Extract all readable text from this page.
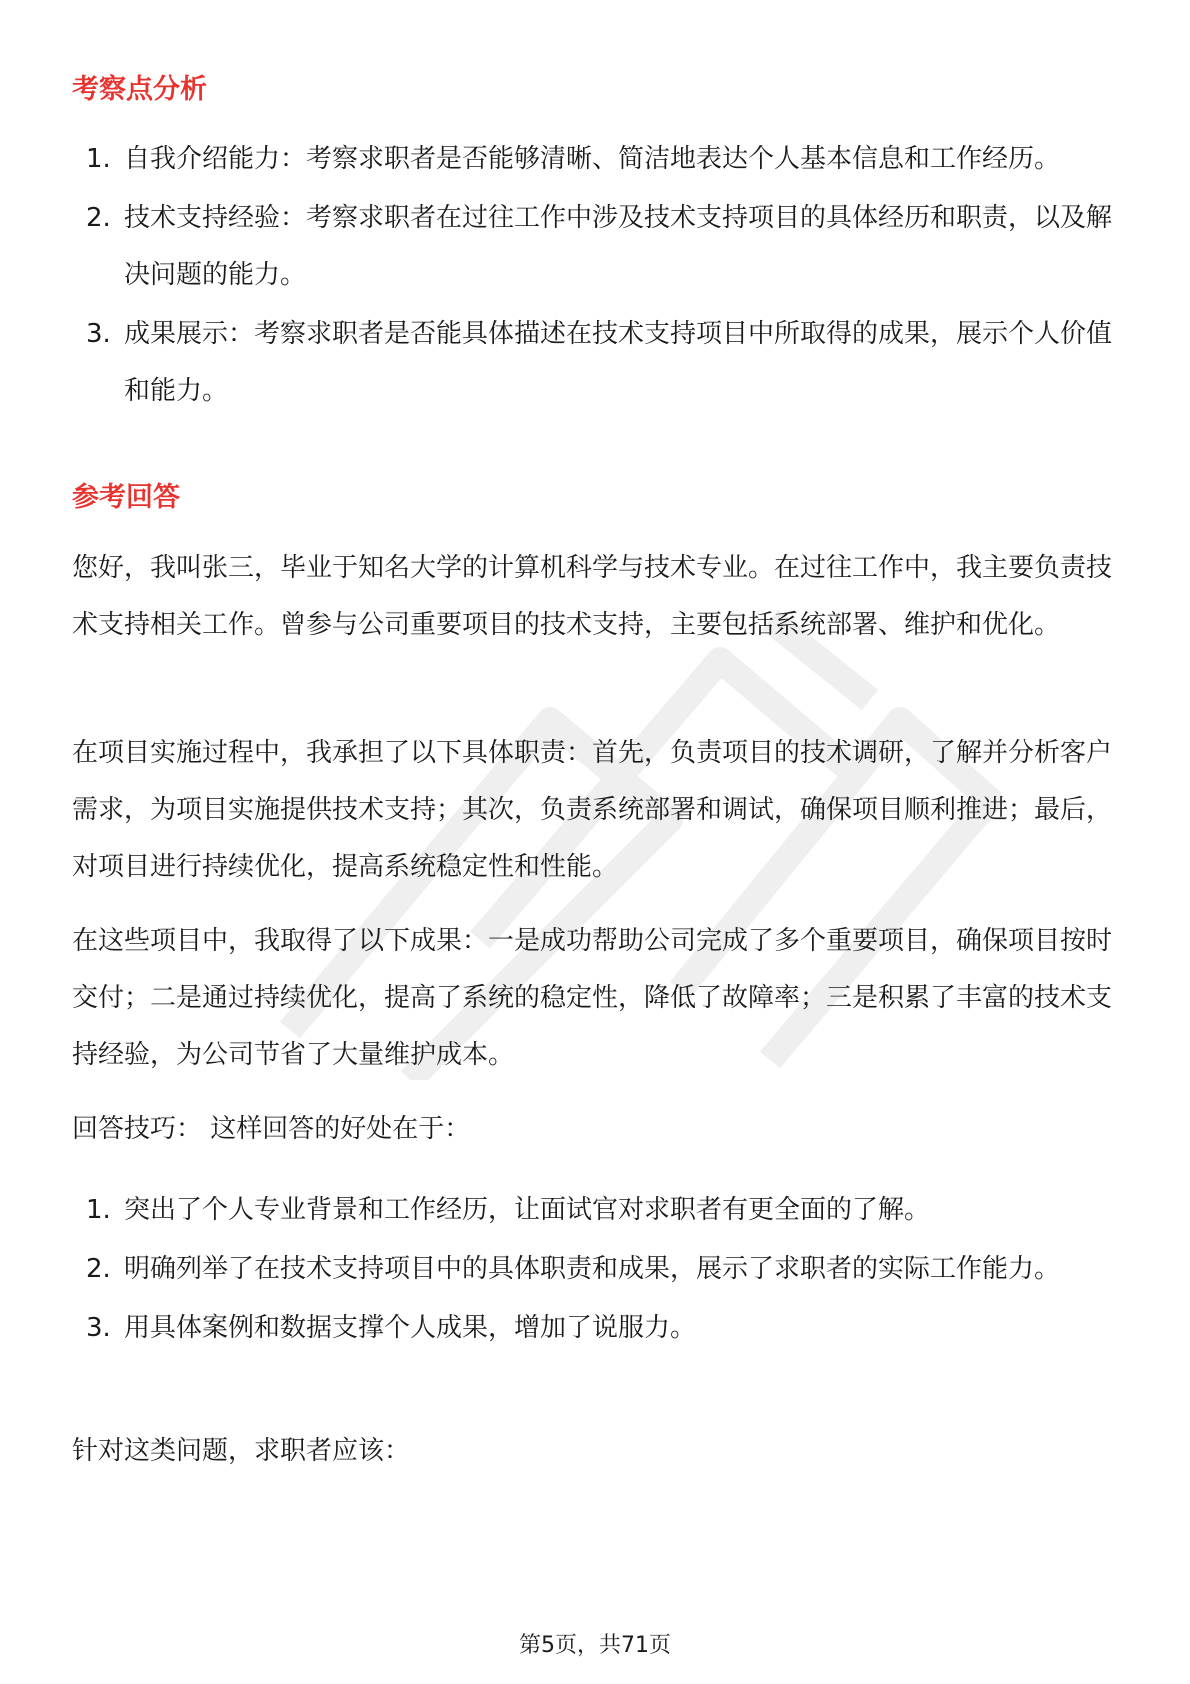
考察点分析
1. 自我介绍能力：考察求职者是否能够清晰、简洁地表达个人基本信息和工作经历。
2. 技术支持经验：考察求职者在过往工作中涉及技术支持项目的具体经历和职责，以及解决问题的能力。
3. 成果展示：考察求职者是否能具体描述在技术支持项目中所取得的成果，展示个人价值和能力。
参考回答

您好，我叫张三，毕业于知名大学的计算机科学与技术专业。在过往工作中，我主要负责技术支持相关工作。曾参与公司重要项目的技术支持，主要包括系统部署、维护和优化。

在项目实施过程中，我承担了以下具体职责：首先，负责项目的技术调研，了解并分析客户需求，为项目实施提供技术支持；其次，负责系统部署和调试，确保项目顺利推进；最后，对项目进行持续优化，提高系统稳定性和性能。

在这些项目中，我取得了以下成果：一是成功帮助公司完成了多个重要项目，确保项目按时交付；二是通过持续优化，提高了系统的稳定性，降低了故障率；三是积累了丰富的技术支持经验，为公司节省了大量维护成本。

回答技巧： 这样回答的好处在于：

1. 突出了个人专业背景和工作经历，让面试官对求职者有更全面的了解。
2. 明确列举了在技术支持项目中的具体职责和成果，展示了求职者的实际工作能力。
3. 用具体案例和数据支撑个人成果，增加了说服力。

针对这类问题，求职者应该：

第5页，共71页
